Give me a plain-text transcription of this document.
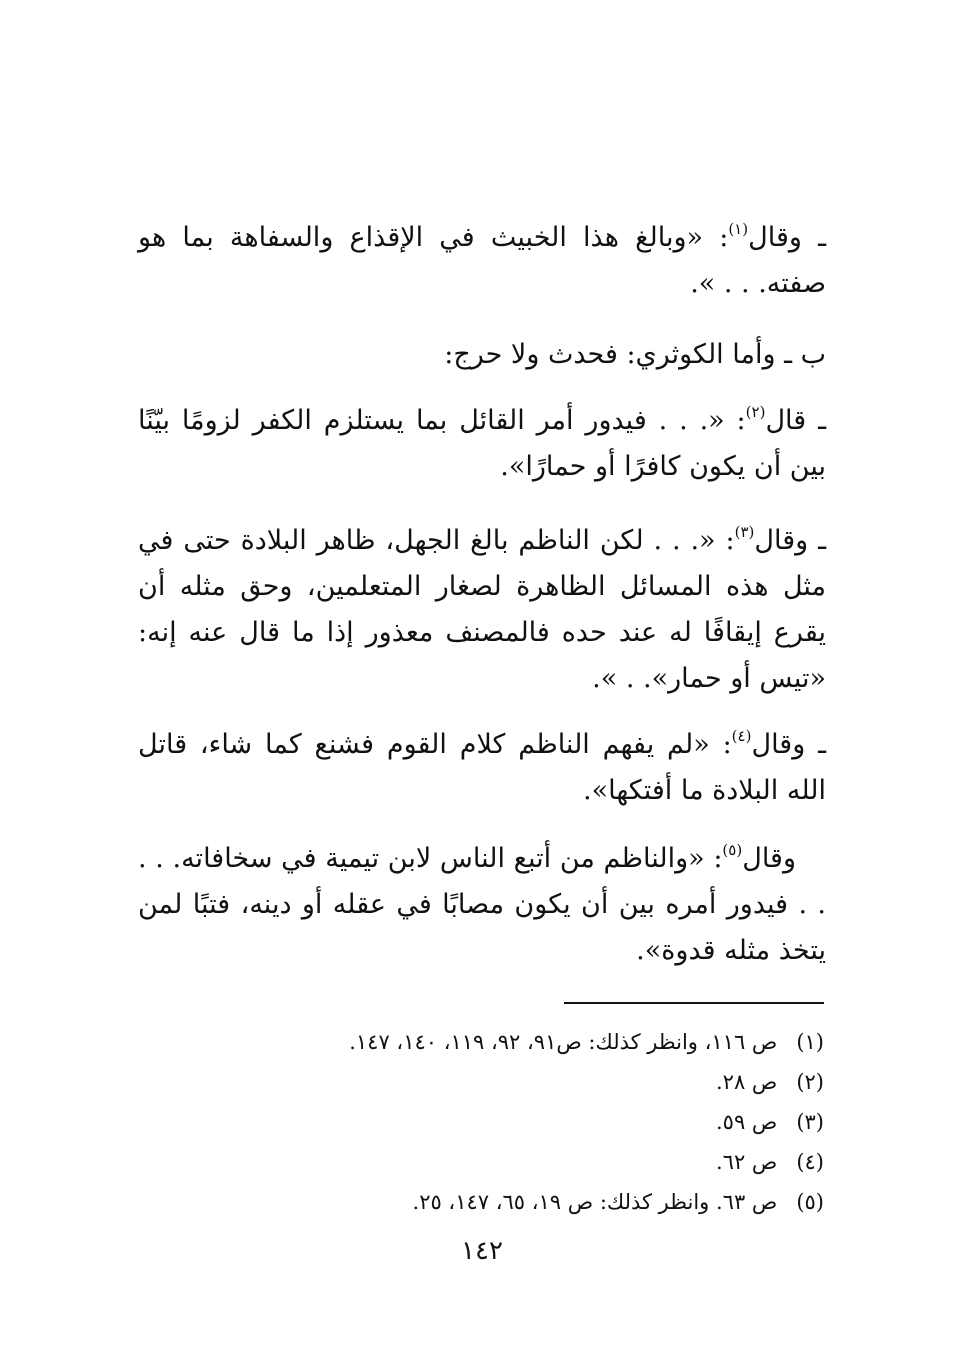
ـ وقال$^{(١)}$: «وبالغ هذا الخبيث في الإقذاع والسفاهة بما هو صفته. . . ».
ب ـ وأما الكوثري: فحدث ولا حرج:
ـ قال$^{(٢)}$: «. . . فيدور أمر القائل بما يستلزم الكفر لزومًا بيّنًا بين أن يكون كافرًا أو حمارًا».
ـ وقال$^{(٣)}$: «. . . لكن الناظم بالغ الجهل، ظاهر البلادة حتى في مثل هذه المسائل الظاهرة لصغار المتعلمين، وحق مثله أن يقرع إيقافًا له عند حده فالمصنف معذور إذا ما قال عنه إنه: «تيس أو حمار». . ».
ـ وقال$^{(٤)}$: «لم يفهم الناظم كلام القوم فشنع كما شاء، قاتل الله البلادة ما أفتكها».
وقال$^{(٥)}$: «والناظم من أتبع الناس لابن تيمية في سخافاته. . . . . فيدور أمره بين أن يكون مصابًا في عقله أو دينه، فتبًا لمن يتخذ مثله قدوة».
(١) ص ١١٦، وانظر كذلك: ص٩١، ٩٢، ١١٩، ١٤٠، ١٤٧.
(٢) ص ٢٨.
(٣) ص ٥٩.
(٤) ص ٦٢.
(٥) ص ٦٣. وانظر كذلك: ص ١٩، ٦٥، ١٤٧، ٢٥.
١٤٢
